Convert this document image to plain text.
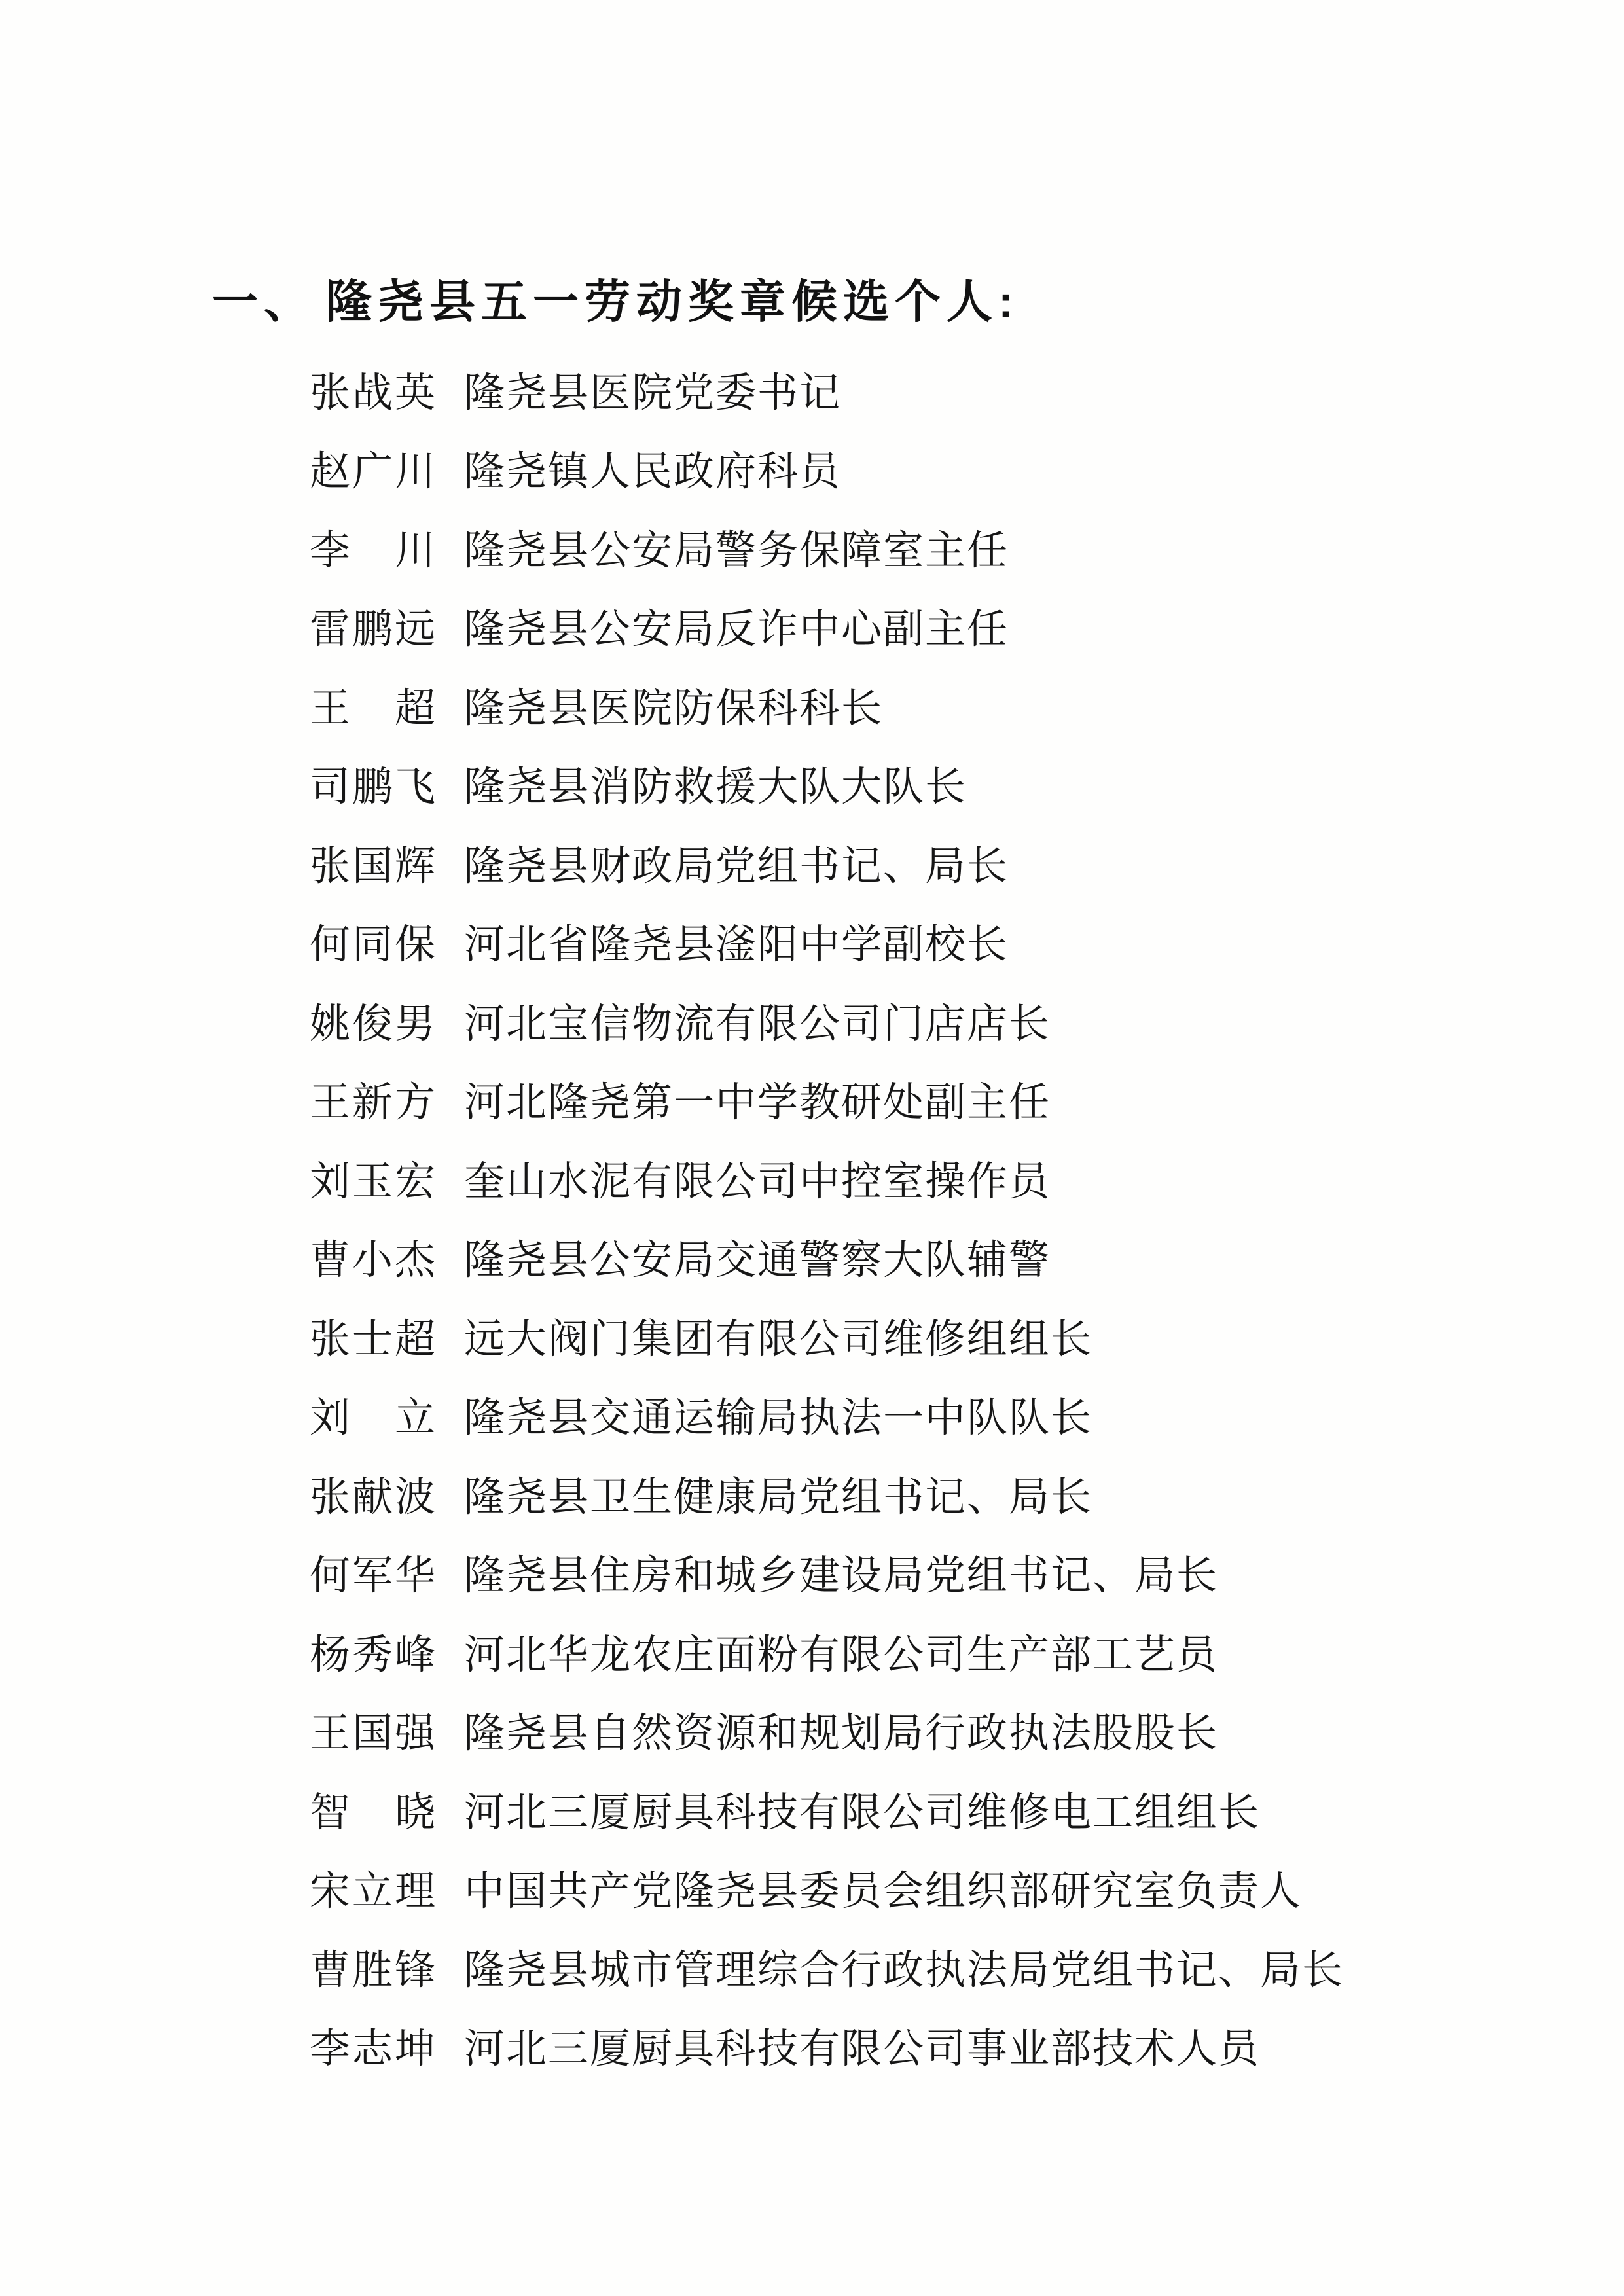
一、 隆尧县五一劳动奖章候选个人:
张战英 隆尧县医院党委书记
赵广川 隆尧镇人民政府科员
李川 隆尧县公安局警务保障室主任
雷鹏远 隆尧县公安局反诈中心副主任
王超 隆尧县医院防保科科长
司鹏飞 隆尧县消防救援大队大队长
张国辉 隆尧县财政局党组书记、局长
何同保 河北省隆尧县滏阳中学副校长
姚俊男 河北宝信物流有限公司门店店长
王新方 河北隆尧第一中学教研处副主任
刘玉宏 奎山水泥有限公司中控室操作员
曹小杰 隆尧县公安局交通警察大队辅警
张士超 远大阀门集团有限公司维修组组长
刘立 隆尧县交通运输局执法一中队队长
张献波 隆尧县卫生健康局党组书记、局长
何军华 隆尧县住房和城乡建设局党组书记、局长
杨秀峰 河北华龙农庄面粉有限公司生产部工艺员
王国强 隆尧县自然资源和规划局行政执法股股长
智晓 河北三厦厨具科技有限公司维修电工组组长
宋立理 中国共产党隆尧县委员会组织部研究室负责人
曹胜锋 隆尧县城市管理综合行政执法局党组书记、局长
李志坤 河北三厦厨具科技有限公司事业部技术人员
